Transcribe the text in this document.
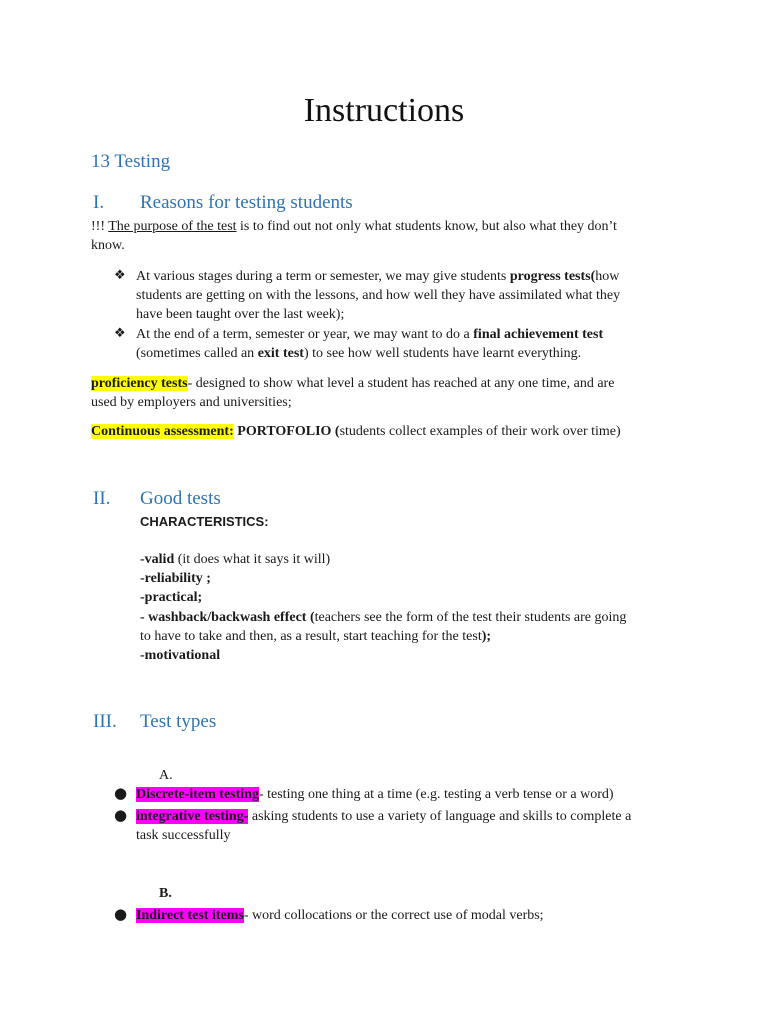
Instructions
13 Testing
I. Reasons for testing students
!!! The purpose of the test is to find out not only what students know, but also what they don’t
know.
❖ At various stages during a term or semester, we may give students progress tests(how
students are getting on with the lessons, and how well they have assimilated what they
have been taught over the last week);
❖ At the end of a term, semester or year, we may want to do a final achievement test
(sometimes called an exit test) to see how well students have learnt everything.
proficiency tests- designed to show what level a student has reached at any one time, and are
used by employers and universities;
Continuous assessment: PORTOFOLIO (students collect examples of their work over time)
II. Good tests
CHARACTERISTICS:
-valid (it does what it says it will)
-reliability ;
-practical;
- washback/backwash effect (teachers see the form of the test their students are going
to have to take and then, as a result, start teaching for the test);
-motivational
III. Test types
A.
● Discrete-item testing- testing one thing at a time (e.g. testing a verb tense or a word)
● integrative testing- asking students to use a variety of language and skills to complete a
task successfully
B.
● Indirect test items- word collocations or the correct use of modal verbs;
